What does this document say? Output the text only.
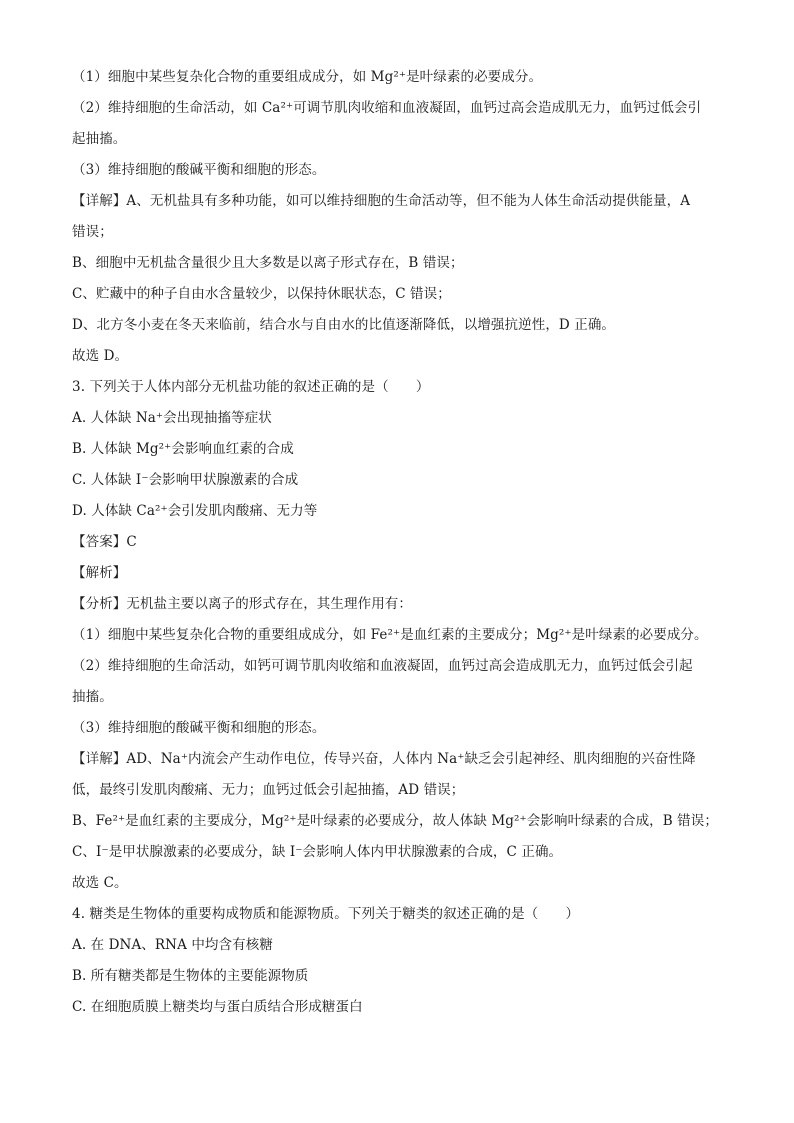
（1）细胞中某些复杂化合物的重要组成成分，如 Mg²⁺是叶绿素的必要成分。
（2）维持细胞的生命活动，如 Ca²⁺可调节肌肉收缩和血液凝固，血钙过高会造成肌无力，血钙过低会引
起抽搐。
（3）维持细胞的酸碱平衡和细胞的形态。
【详解】A、无机盐具有多种功能，如可以维持细胞的生命活动等，但不能为人体生命活动提供能量，A
错误；
B、细胞中无机盐含量很少且大多数是以离子形式存在，B 错误；
C、贮藏中的种子自由水含量较少，以保持休眠状态，C 错误；
D、北方冬小麦在冬天来临前，结合水与自由水的比值逐渐降低，以增强抗逆性，D 正确。
故选 D。
3. 下列关于人体内部分无机盐功能的叙述正确的是（　　）
A. 人体缺 Na⁺会出现抽搐等症状
B. 人体缺 Mg²⁺会影响血红素的合成
C. 人体缺 I⁻会影响甲状腺激素的合成
D. 人体缺 Ca²⁺会引发肌肉酸痛、无力等
【答案】C
【解析】
【分析】无机盐主要以离子的形式存在，其生理作用有：
（1）细胞中某些复杂化合物的重要组成成分，如 Fe²⁺是血红素的主要成分；Mg²⁺是叶绿素的必要成分。
（2）维持细胞的生命活动，如钙可调节肌肉收缩和血液凝固，血钙过高会造成肌无力，血钙过低会引起
抽搐。
（3）维持细胞的酸碱平衡和细胞的形态。
【详解】AD、Na⁺内流会产生动作电位，传导兴奋，人体内 Na⁺缺乏会引起神经、肌肉细胞的兴奋性降
低，最终引发肌肉酸痛、无力；血钙过低会引起抽搐，AD 错误；
B、Fe²⁺是血红素的主要成分，Mg²⁺是叶绿素的必要成分，故人体缺 Mg²⁺会影响叶绿素的合成，B 错误；
C、I⁻是甲状腺激素的必要成分，缺 I⁻会影响人体内甲状腺激素的合成，C 正确。
故选 C。
4. 糖类是生物体的重要构成物质和能源物质。下列关于糖类的叙述正确的是（　　）
A. 在 DNA、RNA 中均含有核糖
B. 所有糖类都是生物体的主要能源物质
C. 在细胞质膜上糖类均与蛋白质结合形成糖蛋白
